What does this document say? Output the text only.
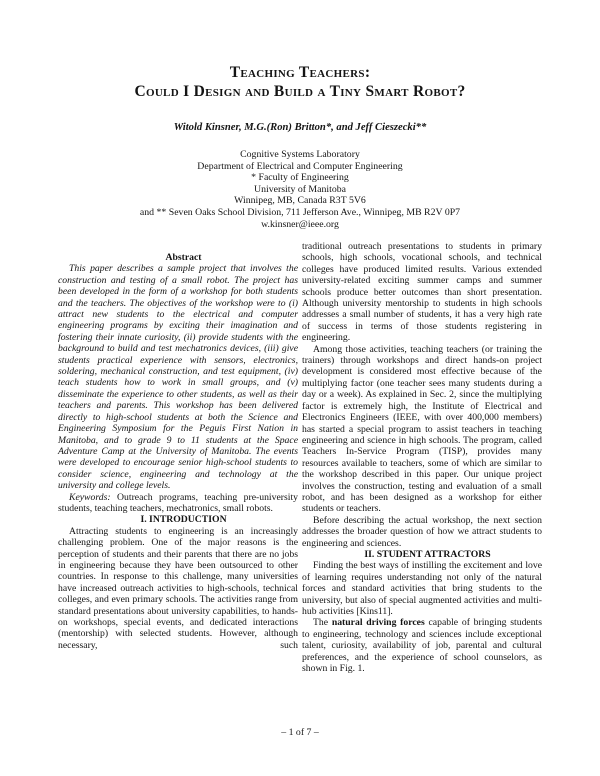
Teaching Teachers:
Could I Design and Build a Tiny Smart Robot?
Witold Kinsner, M.G.(Ron) Britton*, and Jeff Cieszecki**
Cognitive Systems Laboratory
Department of Electrical and Computer Engineering
* Faculty of Engineering
University of Manitoba
Winnipeg, MB, Canada R3T 5V6
and ** Seven Oaks School Division, 711 Jefferson Ave., Winnipeg, MB R2V 0P7
w.kinsner@ieee.org

Abstract

This paper describes a sample project that involves the construction and testing of a small robot. The project has been developed in the form of a workshop for both students and the teachers. The objectives of the workshop were to (i) attract new students to the electrical and computer engineering programs by exciting their imagination and fostering their innate curiosity, (ii) provide students with the background to build and test mechatronics devices, (iii) give students practical experience with sensors, electronics, soldering, mechanical construction, and test equipment, (iv) teach students how to work in small groups, and (v) disseminate the experience to other students, as well as their teachers and parents. This workshop has been delivered directly to high-school students at both the Science and Engineering Symposium for the Peguis First Nation in Manitoba, and to grade 9 to 11 students at the Space Adventure Camp at the University of Manitoba. The events were developed to encourage senior high-school students to consider science, engineering and technology at the university and college levels.

Keywords: Outreach programs, teaching pre-university students, teaching teachers, mechatronics, small robots.

I. INTRODUCTION

Attracting students to engineering is an increasingly challenging problem. One of the major reasons is the perception of students and their parents that there are no jobs in engineering because they have been outsourced to other countries. In response to this challenge, many universities have increased outreach activities to high-schools, technical colleges, and even primary schools. The activities range from standard presentations about university capabilities, to hands-on workshops, special events, and dedicated interactions (mentorship) with selected students. However, although necessary, such

traditional outreach presentations to students in primary schools, high schools, vocational schools, and technical colleges have produced limited results. Various extended university-related exciting summer camps and summer schools produce better outcomes than short presentation. Although university mentorship to students in high schools addresses a small number of students, it has a very high rate of success in terms of those students registering in engineering.

Among those activities, teaching teachers (or training the trainers) through workshops and direct hands-on project development is considered most effective because of the multiplying factor (one teacher sees many students during a day or a week). As explained in Sec. 2, since the multiplying factor is extremely high, the Institute of Electrical and Electronics Engineers (IEEE, with over 400,000 members) has started a special program to assist teachers in teaching engineering and science in high schools. The program, called Teachers In-Service Program (TISP), provides many resources available to teachers, some of which are similar to the workshop described in this paper. Our unique project involves the construction, testing and evaluation of a small robot, and has been designed as a workshop for either students or teachers.

Before describing the actual workshop, the next section addresses the broader question of how we attract students to engineering and sciences.

II. STUDENT ATTRACTORS

Finding the best ways of instilling the excitement and love of learning requires understanding not only of the natural forces and standard activities that bring students to the university, but also of special augmented activities and multi-hub activities [Kins11].

The natural driving forces capable of bringing students to engineering, technology and sciences include exceptional talent, curiosity, availability of job, parental and cultural preferences, and the experience of school counselors, as shown in Fig. 1.

– 1 of 7 –
